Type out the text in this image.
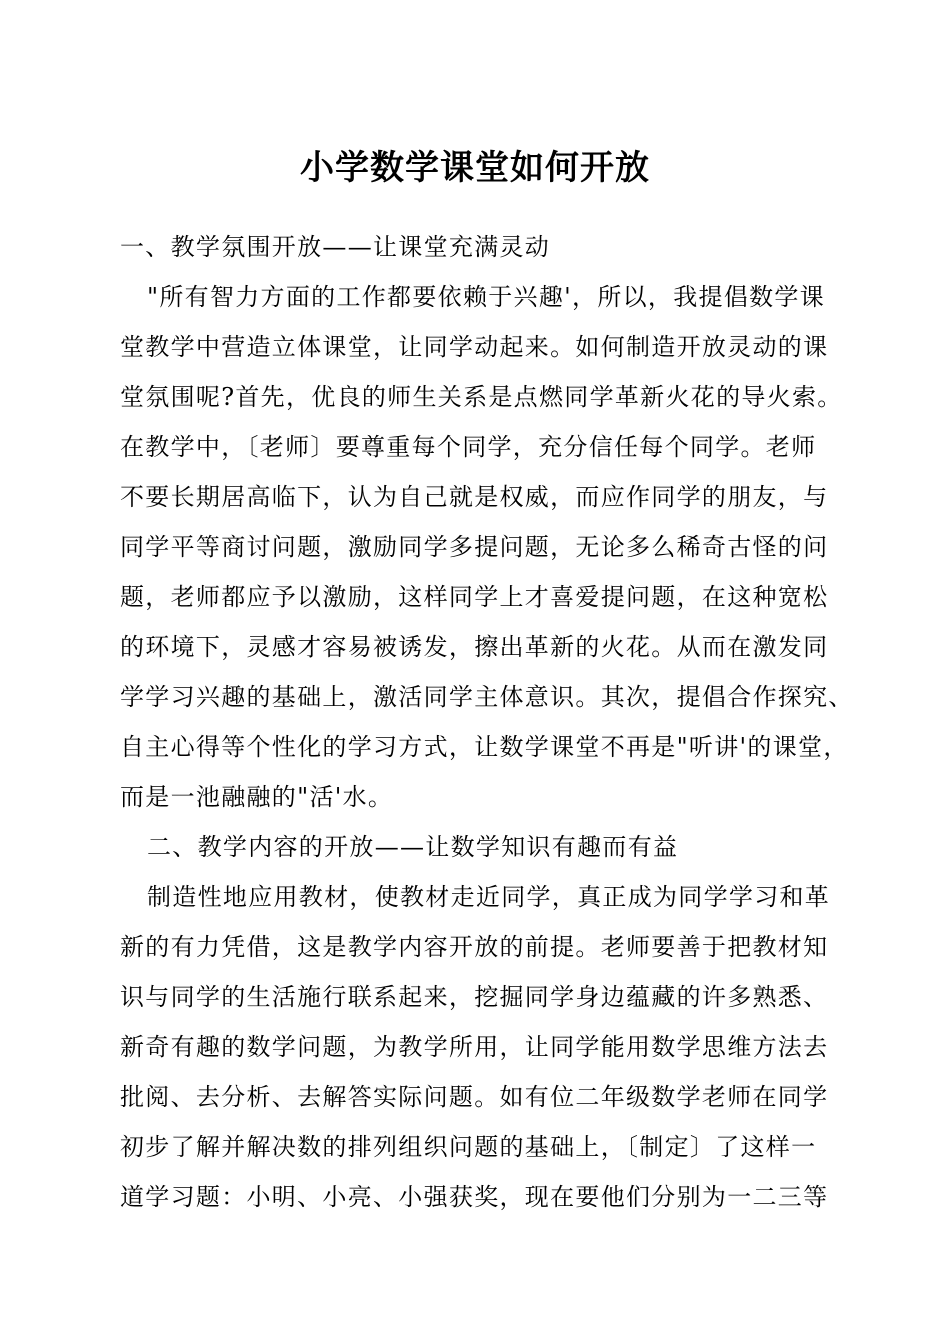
小学数学课堂如何开放
一、教学氛围开放——让课堂充满灵动
"所有智力方面的工作都要依赖于兴趣'，所以，我提倡数学课
堂教学中营造立体课堂，让同学动起来。如何制造开放灵动的课
堂氛围呢?首先，优良的师生关系是点燃同学革新火花的导火索。
在教学中，〔老师〕要尊重每个同学，充分信任每个同学。老师
不要长期居高临下，认为自己就是权威，而应作同学的朋友，与
同学平等商讨问题，激励同学多提问题，无论多么稀奇古怪的问
题，老师都应予以激励，这样同学上才喜爱提问题，在这种宽松
的环境下，灵感才容易被诱发，擦出革新的火花。从而在激发同
学学习兴趣的基础上，激活同学主体意识。其次，提倡合作探究、
自主心得等个性化的学习方式，让数学课堂不再是"听讲'的课堂，
而是一池融融的"活'水。
二、教学内容的开放——让数学知识有趣而有益
制造性地应用教材，使教材走近同学，真正成为同学学习和革
新的有力凭借，这是教学内容开放的前提。老师要善于把教材知
识与同学的生活施行联系起来，挖掘同学身边蕴藏的许多熟悉、
新奇有趣的数学问题，为教学所用，让同学能用数学思维方法去
批阅、去分析、去解答实际问题。如有位二年级数学老师在同学
初步了解并解决数的排列组织问题的基础上，〔制定〕了这样一
道学习题：小明、小亮、小强获奖，现在要他们分别为一二三等
